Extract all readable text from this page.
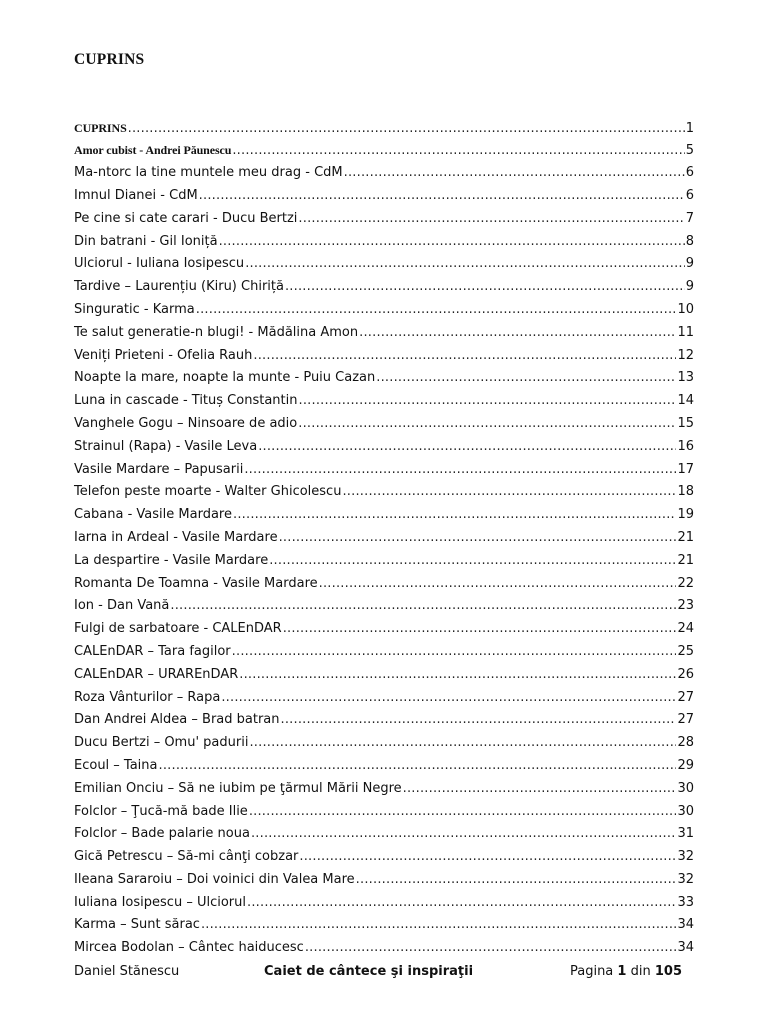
CUPRINS
CUPRINS .....	1
Amor cubist - Andrei Păunescu .....	5
Ma-ntorc la tine muntele meu drag - CdM .....	6
Imnul Dianei - CdM .....	6
Pe cine si cate carari - Ducu Bertzi .....	7
Din batrani - Gil Ioniță .....	8
Ulciorul - Iuliana Iosipescu .....	9
Tardive – Laurențiu (Kiru) Chiriță .....	9
Singuratic - Karma .....	10
Te salut generatie-n blugi! - Mădălina Amon .....	11
Veniți Prieteni - Ofelia Rauh .....	12
Noapte la mare, noapte la munte - Puiu Cazan .....	13
Luna in cascade - Tituș Constantin .....	14
Vanghele Gogu – Ninsoare de adio .....	15
Strainul (Rapa) - Vasile Leva .....	16
Vasile Mardare – Papusarii .....	17
Telefon peste moarte - Walter Ghicolescu .....	18
Cabana - Vasile Mardare .....	19
Iarna in Ardeal - Vasile Mardare .....	21
La despartire - Vasile Mardare .....	21
Romanta De Toamna - Vasile Mardare .....	22
Ion - Dan Vană .....	23
Fulgi de sarbatoare - CALEnDAR .....	24
CALEnDAR – Tara fagilor .....	25
CALEnDAR – URAREnDAR .....	26
Roza Vânturilor – Rapa .....	27
Dan Andrei Aldea – Brad batran .....	27
Ducu Bertzi – Omu' padurii .....	28
Ecoul – Taina .....	29
Emilian Onciu – Să ne iubim pe ţărmul Mării Negre .....	30
Folclor – Ţucă-mă bade Ilie .....	30
Folclor – Bade palarie noua .....	31
Gică Petrescu – Să-mi cânţi cobzar .....	32
Ileana Sararoiu – Doi voinici din Valea Mare .....	32
Iuliana Iosipescu – Ulciorul .....	33
Karma – Sunt sărac .....	34
Mircea Bodolan – Cântec haiducesc .....	34
Daniel Stănescu	Caiet de cântece şi inspiraţii	Pagina 1 din 105
